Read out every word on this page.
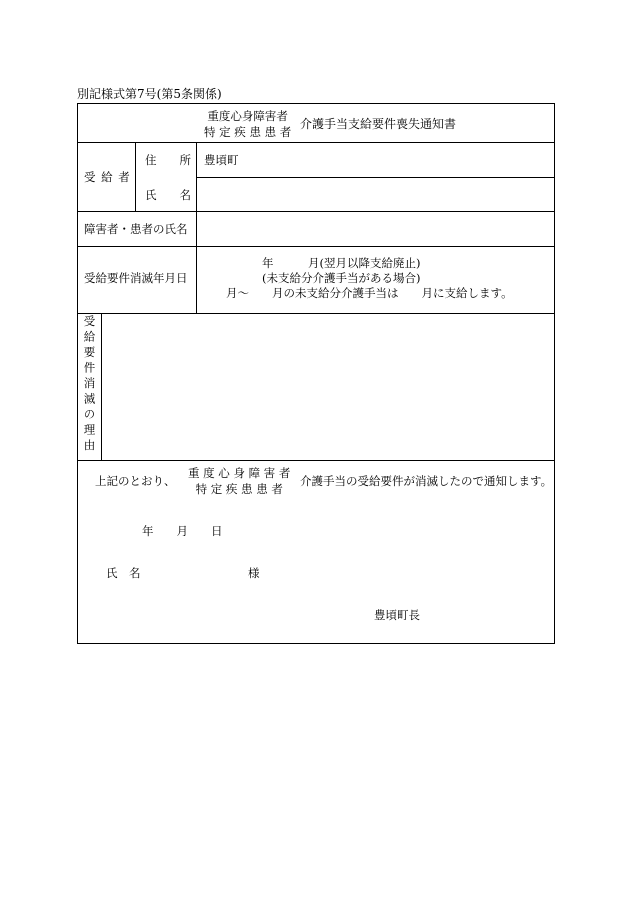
別記様式第7号(第5条関係)
重度心身障害者
特 定 疾 患 患 者
介護手当支給要件喪失通知書
受 給 者
住　　所 豊頃町
氏　　名
障害者・患者の氏名
受給要件消滅年月日
年　　　月(翌月以降支給廃止)
(未支給分介護手当がある場合)
月〜　　月の未支給分介護手当は　　月に支給します。
受給要件消滅の理由
上記のとおり、
重 度 心 身 障 害 者
特 定 疾 患 患 者
介護手当の受給要件が消滅したので通知します。
年　　月　　日
氏　名	様
豊頃町長
